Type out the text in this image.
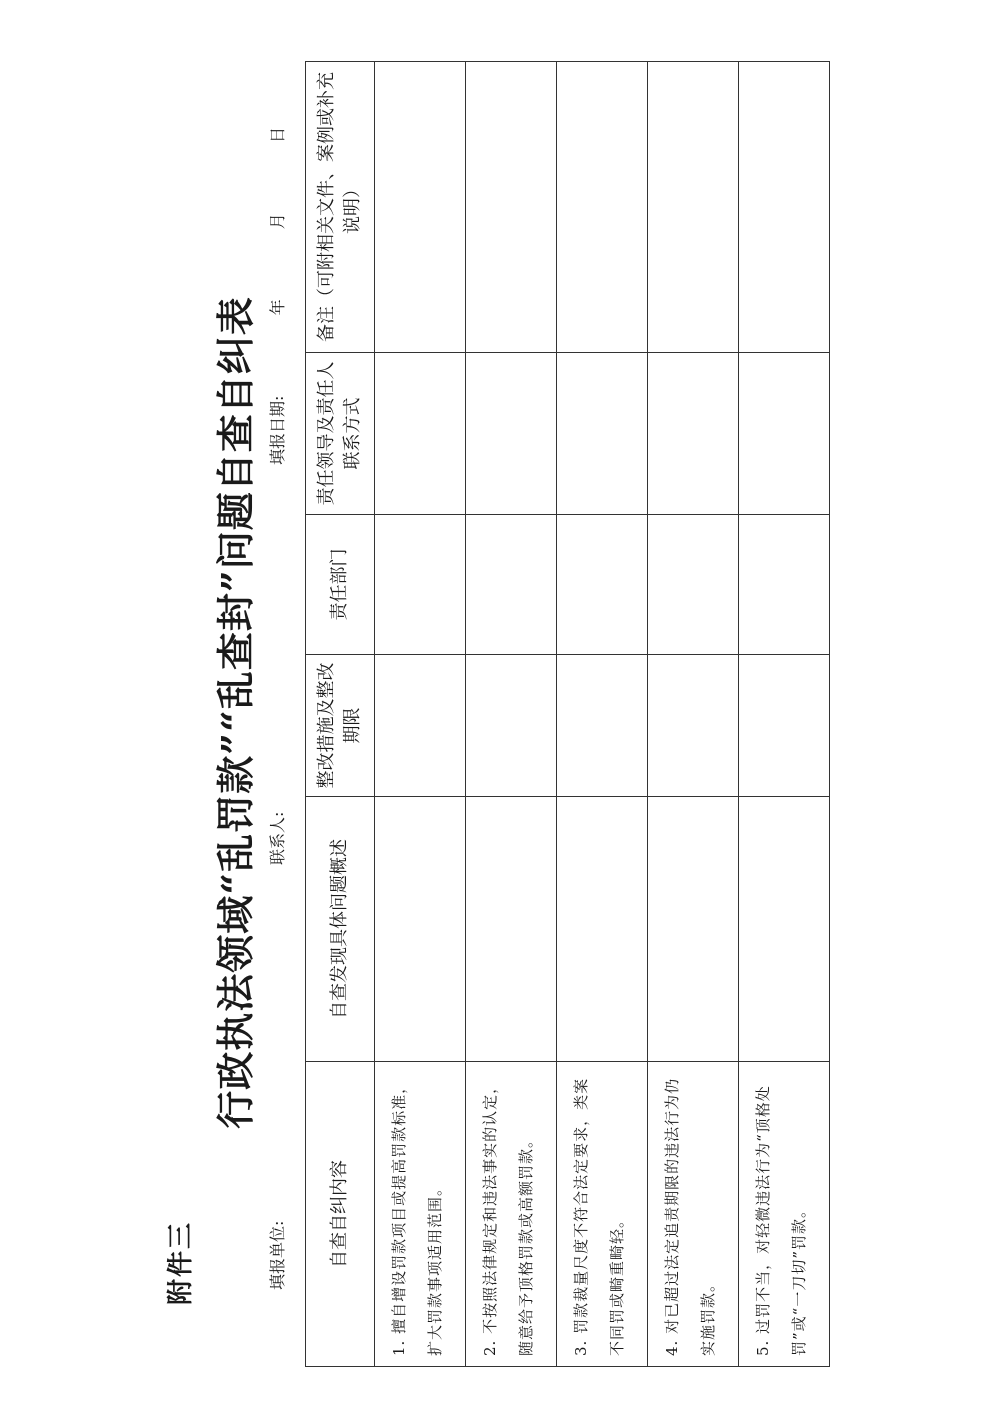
附件三
行政执法领域“乱罚款”“乱查封”问题自查自纠表
填报单位:
联系人:
填报日期:  年  月  日
自查自纠内容	自查发现具体问题概述	整改措施及整改期限	责任部门	责任领导及责任人联系方式	备注（可附相关文件、案例或补充说明）
1. 擅自增设罚款项目或提高罚款标准，扩大罚款事项适用范围。					
2. 不按照法律规定和违法事实的认定，随意给予顶格罚款或高额罚款。					
3. 罚款裁量尺度不符合法定要求，类案不同罚或畸重畸轻。					
4. 对已超过法定追责期限的违法行为仍实施罚款。					
5. 过罚不当，对轻微违法行为“顶格处罚”或“一刀切”罚款。					
